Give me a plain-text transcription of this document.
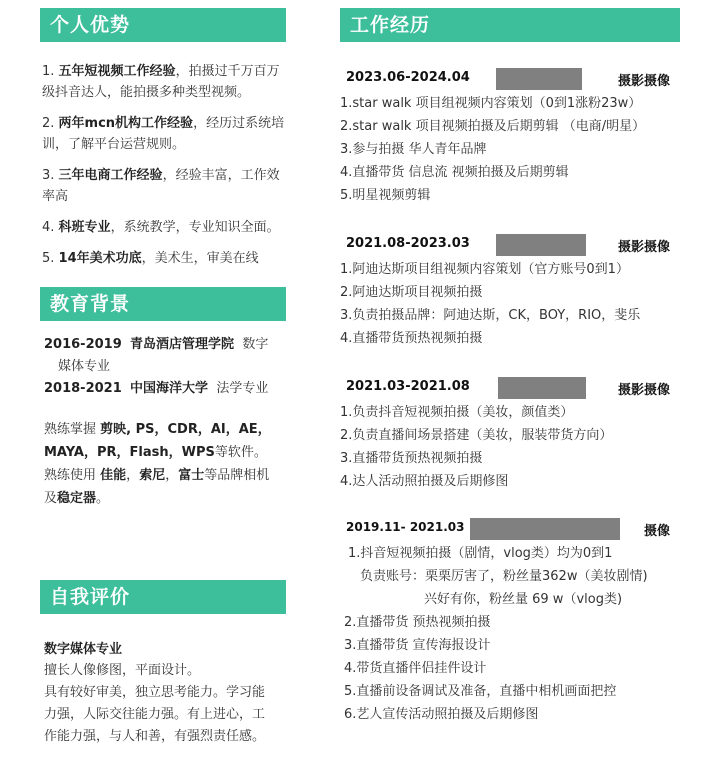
个人优势
1. 五年短视频工作经验，拍摄过千万百万级抖音达人，能拍摄多种类型视频。
2. 两年mcn机构工作经验，经历过系统培训，了解平台运营规则。
3. 三年电商工作经验，经验丰富，工作效率高
4. 科班专业，系统教学，专业知识全面。
5. 14年美术功底，美术生，审美在线
教育背景
2016-2019 青岛酒店管理学院 数字
媒体专业
2018-2021 中国海洋大学 法学专业
熟练掌握 剪映, PS，CDR，AI，AE，
MAYA，PR，Flash，WPS等软件。
熟练使用 佳能，索尼，富士等品牌相机
及稳定器。
自我评价
数字媒体专业
擅长人像修图，平面设计。
具有较好审美，独立思考能力。学习能
力强，人际交往能力强。有上进心，工
作能力强，与人和善，有强烈责任感。
工作经历
2023.06-2024.04	摄影摄像
1.star walk 项目组视频内容策划（0到1涨粉23w）
2.star walk 项目视频拍摄及后期剪辑 （电商/明星）
3.参与拍摄 华人青年品牌
4.直播带货 信息流 视频拍摄及后期剪辑
5.明星视频剪辑
2021.08-2023.03	摄影摄像
1.阿迪达斯项目组视频内容策划（官方账号0到1）
2.阿迪达斯项目视频拍摄
3.负责拍摄品牌：阿迪达斯，CK，BOY，RIO，斐乐
4.直播带货预热视频拍摄
2021.03-2021.08	摄影摄像
1.负责抖音短视频拍摄（美妆，颜值类）
2.负责直播间场景搭建（美妆，服装带货方向）
3.直播带货预热视频拍摄
4.达人活动照拍摄及后期修图
2019.11- 2021.03	摄像
1.抖音短视频拍摄（剧情，vlog类）均为0到1
负责账号：栗栗厉害了，粉丝量362w（美妆剧情)
兴好有你，粉丝量 69 w（vlog类)
2.直播带货 预热视频拍摄
3.直播带货 宣传海报设计
4.带货直播伴侣挂件设计
5.直播前设备调试及准备，直播中相机画面把控
6.艺人宣传活动照拍摄及后期修图
